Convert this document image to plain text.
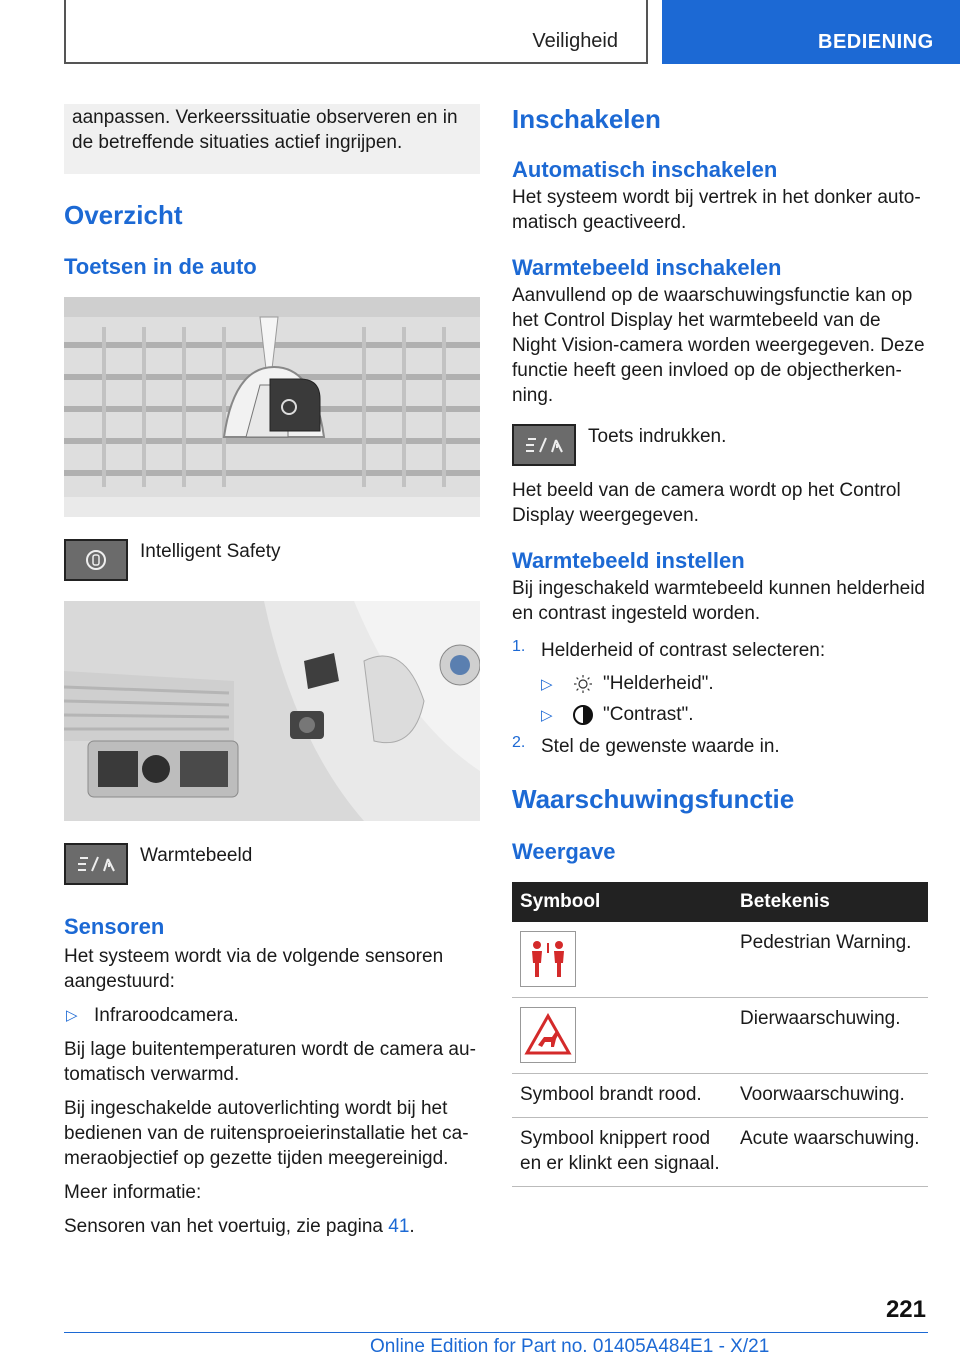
Veiligheid	BEDIENING

aanpassen. Verkeerssituatie observeren en in de betreffende situaties actief ingrijpen.

Overzicht
Toetsen in de auto

Intelligent Safety

Warmtebeeld

Sensoren

Het systeem wordt via de volgende sensoren aangestuurd:

▷ Infraroodcamera.

Bij lage buitentemperaturen wordt de camera au-tomatisch verwarmd.

Bij ingeschakelde autoverlichting wordt bij het bedienen van de ruitensproeierinstallatie het ca-meraobjectief op gezette tijden meegereinigd.

Meer informatie:

Sensoren van het voertuig, zie pagina 41.

Inschakelen
Automatisch inschakelen

Het systeem wordt bij vertrek in het donker auto-matisch geactiveerd.

Warmtebeeld inschakelen

Aanvullend op de waarschuwingsfunctie kan op het Control Display het warmtebeeld van de Night Vision-camera worden weergegeven. Deze functie heeft geen invloed op de objectherken-ning.

Toets indrukken.

Het beeld van de camera wordt op het Control Display weergegeven.

Warmtebeeld instellen

Bij ingeschakeld warmtebeeld kunnen helderheid en contrast ingesteld worden.

1. Helderheid of contrast selecteren:

▷	"Helderheid".

▷	"Contrast".

2. Stel de gewenste waarde in.

Waarschuwingsfunctie
Weergave
Symbool	Betekenis

	Pedestrian Warning.

	Dierwaarschuwing.
Symbool brandt rood.	Voorwaarschuwing.
Symbool knippert rood en er klinkt een signaal.	Acute waarschuwing.
221
Online Edition for Part no. 01405A484E1 - X/21
